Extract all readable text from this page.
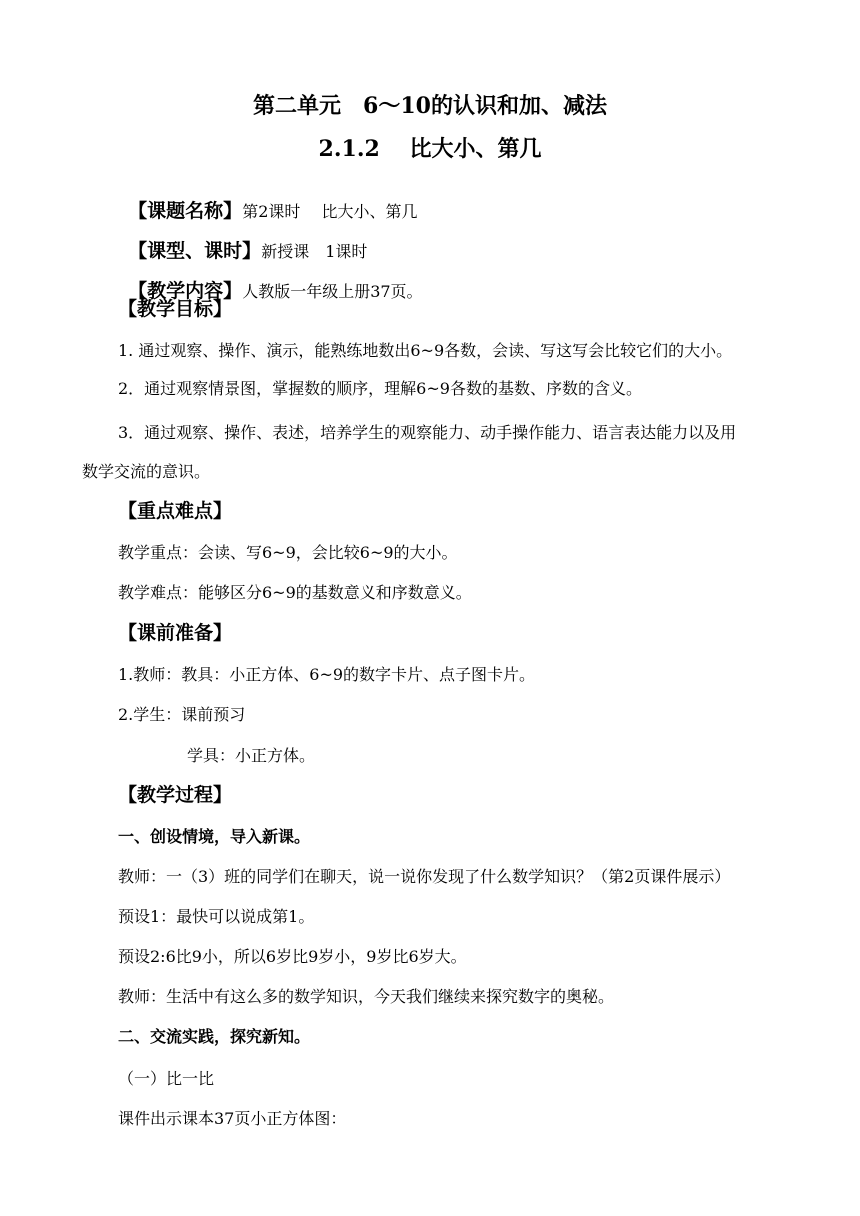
第二单元　6～10的认识和加、减法
2.1.2　 比大小、第几

【课题名称】第2课时　 比大小、第几

【课型、课时】新授课　1课时

【教学内容】人教版一年级上册37页。

【教学目标】
1. 通过观察、操作、演示，能熟练地数出6~9各数，会读、写这写会比较它们的大小。
2．通过观察情景图，掌握数的顺序，理解6~9各数的基数、序数的含义。
3．通过观察、操作、表述，培养学生的观察能力、动手操作能力、语言表达能力以及用
数学交流的意识。
【重点难点】
教学重点：会读、写6~9，会比较6~9的大小。
教学难点：能够区分6~9的基数意义和序数意义。
【课前准备】
1.教师：教具：小正方体、6~9的数字卡片、点子图卡片。
2.学生：课前预习
学具：小正方体。
【教学过程】
一、创设情境，导入新课。
教师：一（3）班的同学们在聊天，说一说你发现了什么数学知识？（第2页课件展示）
预设1：最快可以说成第1。
预设2:6比9小，所以6岁比9岁小，9岁比6岁大。
教师：生活中有这么多的数学知识，今天我们继续来探究数字的奥秘。
二、交流实践，探究新知。
（一）比一比
课件出示课本37页小正方体图：
